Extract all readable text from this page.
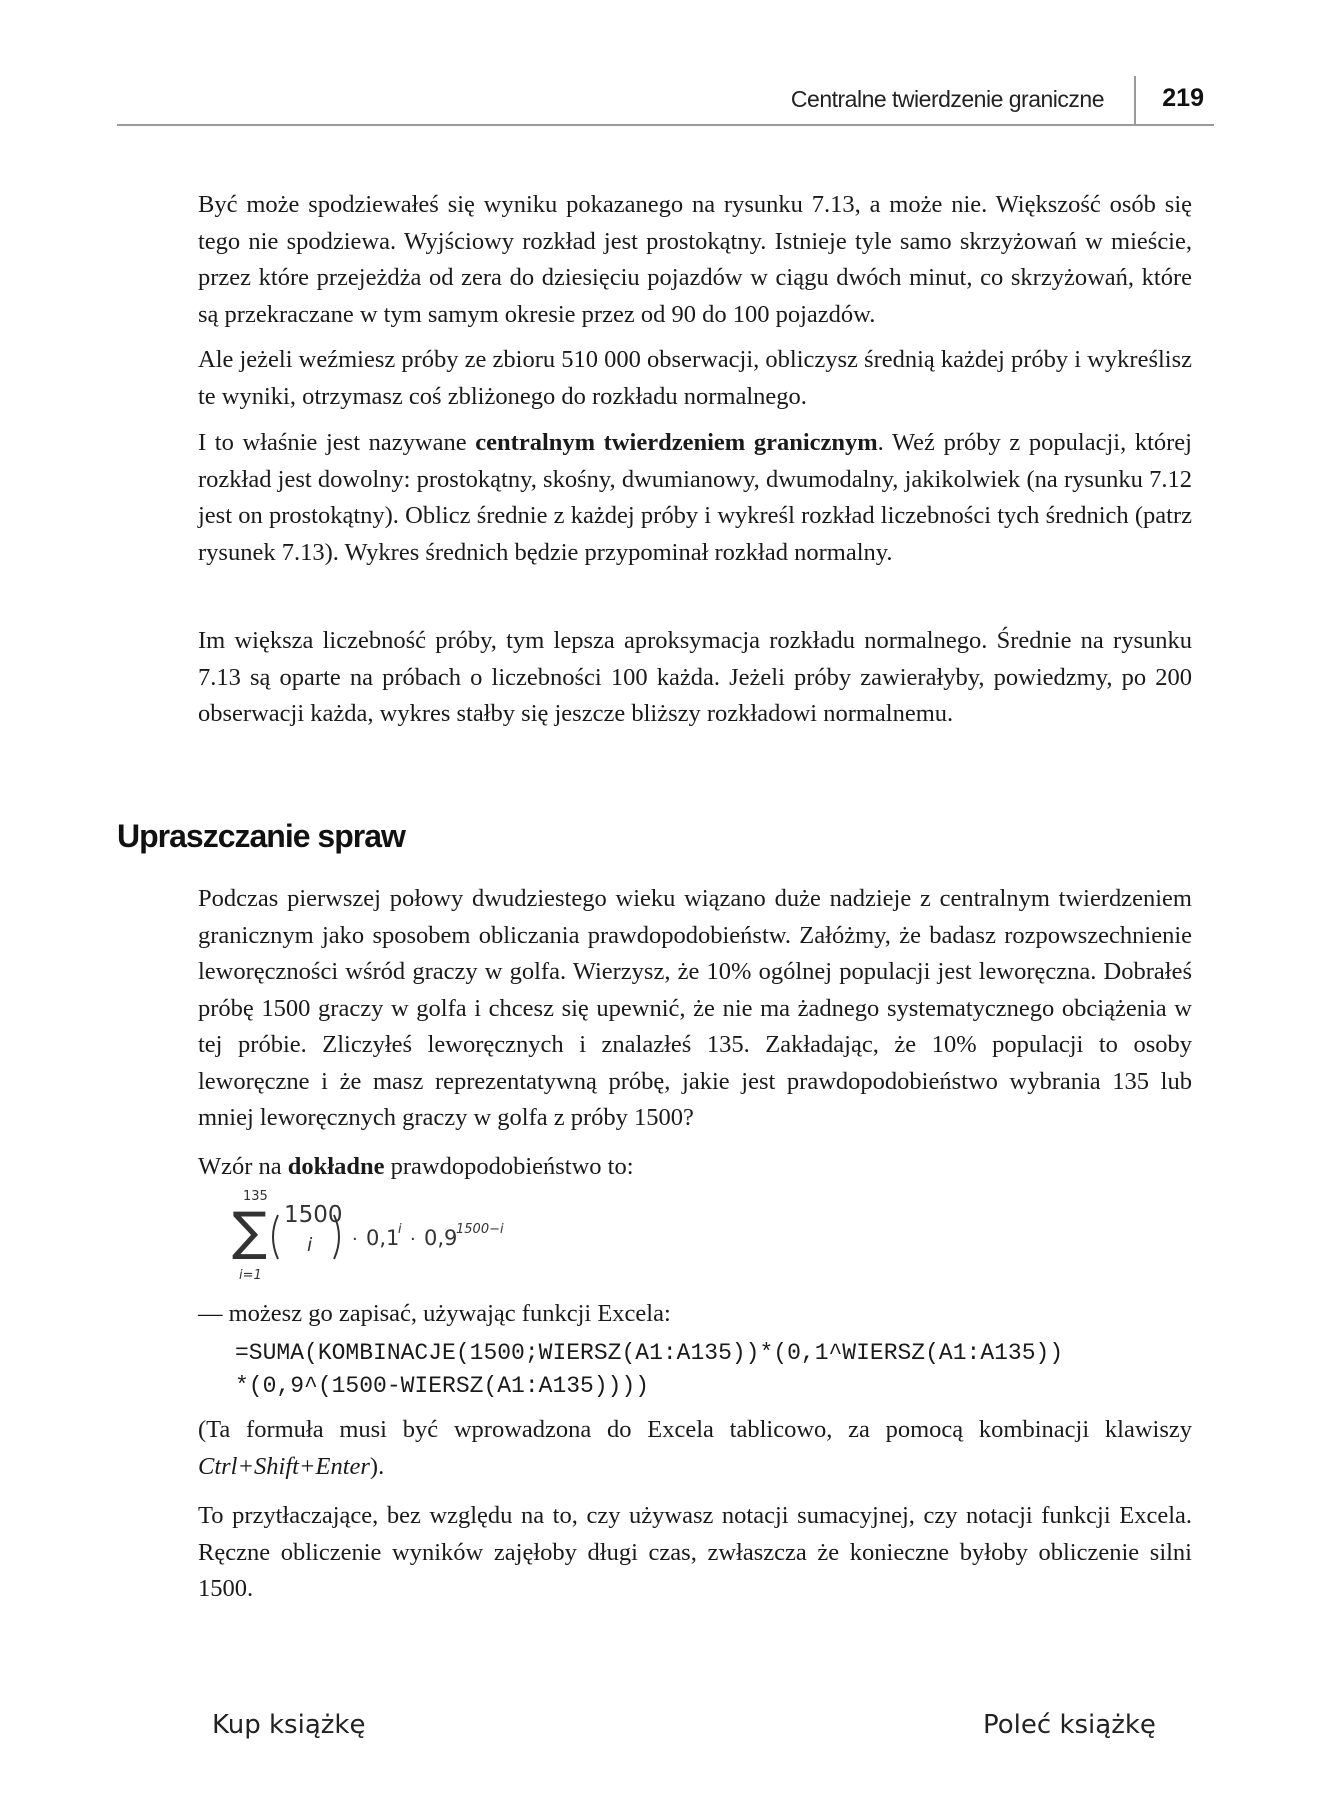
Centralne twierdzenie graniczne 219

Być może spodziewałeś się wyniku pokazanego na rysunku 7.13, a może nie. Większość osób się tego nie spodziewa. Wyjściowy rozkład jest prostokątny. Istnieje tyle samo skrzyżowań w mieście, przez które przejeżdża od zera do dziesięciu pojazdów w ciągu dwóch minut, co skrzyżowań, które są przekraczane w tym samym okresie przez od 90 do 100 pojazdów.

Ale jeżeli weźmiesz próby ze zbioru 510 000 obserwacji, obliczysz średnią każdej próby i wykreślisz te wyniki, otrzymasz coś zbliżonego do rozkładu normalnego.

I to właśnie jest nazywane centralnym twierdzeniem granicznym. Weź próby z populacji, której rozkład jest dowolny: prostokątny, skośny, dwumianowy, dwumodalny, jakikolwiek (na rysunku 7.12 jest on prostokątny). Oblicz średnie z każdej próby i wykreśl rozkład liczebności tych średnich (patrz rysunek 7.13). Wykres średnich będzie przypominał rozkład normalny.

Im większa liczebność próby, tym lepsza aproksymacja rozkładu normalnego. Średnie na rysunku 7.13 są oparte na próbach o liczebności 100 każda. Jeżeli próby zawierałyby, powiedzmy, po 200 obserwacji każda, wykres stałby się jeszcze bliższy rozkładowi normalnemu.

Upraszczanie spraw

Podczas pierwszej połowy dwudziestego wieku wiązano duże nadzieje z centralnym twierdzeniem granicznym jako sposobem obliczania prawdopodobieństw. Załóżmy, że badasz rozpowszechnienie leworęczności wśród graczy w golfa. Wierzysz, że 10% ogólnej populacji jest leworęczna. Dobrałeś próbę 1500 graczy w golfa i chcesz się upewnić, że nie ma żadnego systematycznego obciążenia w tej próbie. Zliczyłeś leworęcznych i znalazłeś 135. Zakładając, że 10% populacji to osoby leworęczne i że masz reprezentatywną próbę, jakie jest prawdopodobieństwo wybrania 135 lub mniej leworęcznych graczy w golfa z próby 1500?

Wzór na dokładne prawdopodobieństwo to:

135
∑
i=1
1500
i · 0,1
i · 0,9
1500−i

— możesz go zapisać, używając funkcji Excela:

=SUMA(KOMBINACJE(1500;WIERSZ(A1:A135))*(0,1^WIERSZ(A1:A135))
*(0,9^(1500-WIERSZ(A1:A135))))

(Ta formuła musi być wprowadzona do Excela tablicowo, za pomocą kombinacji klawiszy Ctrl+Shift+Enter).

To przytłaczające, bez względu na to, czy używasz notacji sumacyjnej, czy notacji funkcji Excela. Ręczne obliczenie wyników zajęłoby długi czas, zwłaszcza że konieczne byłoby obliczenie silni 1500.

Kup książkę	Poleć książkę
